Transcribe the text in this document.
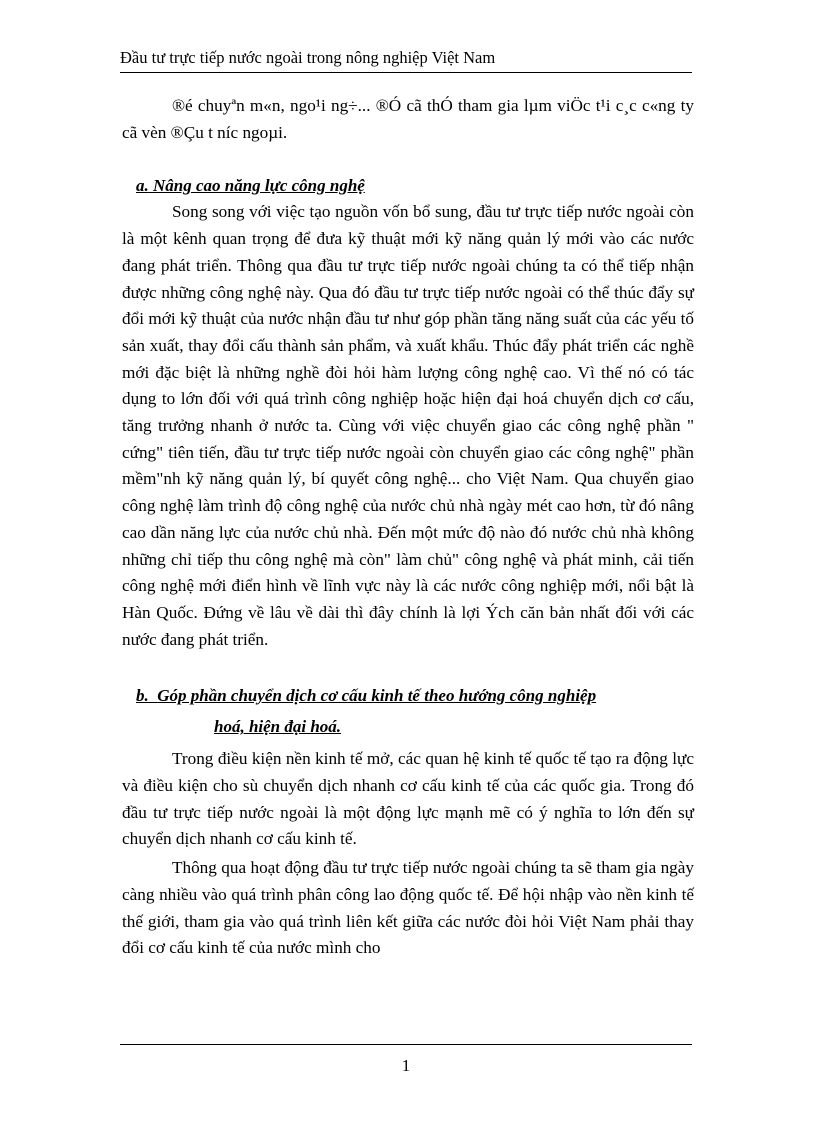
Đầu tư trực tiếp nước ngoài trong nông nghiệp Việt Nam

®é chuyªn m«n, ngo¹i ng÷... ®Ó cã thÓ tham gia lµm viÖc t¹i c¸c c«ng ty cã vèn ®Çu t níc ngoµi.

a. Nâng cao năng lực công nghệ

Song song với việc tạo nguồn vốn bổ sung, đầu tư trực tiếp nước ngoài còn là một kênh quan trọng để đưa kỹ thuật mới kỹ năng quản lý mới vào các nước đang phát triển. Thông qua đầu tư trực tiếp nước ngoài chúng ta có thể tiếp nhận được những công nghệ này. Qua đó đầu tư trực tiếp nước ngoài có thể thúc đẩy sự đổi mới kỹ thuật của nước nhận đầu tư như góp phần tăng năng suất của các yếu tố sản xuất, thay đổi cấu thành sản phẩm, và xuất khẩu. Thúc đẩy phát triển các nghề mới đặc biệt là những nghề đòi hỏi hàm lượng công nghệ cao. Vì thế nó có tác dụng to lớn đối với quá trình công nghiệp hoặc hiện đại hoá chuyển dịch cơ cấu, tăng trưởng nhanh ở nước ta. Cùng với việc chuyển giao các công nghệ phần " cứng" tiên tiến, đầu tư trực tiếp nước ngoài còn chuyển giao các công nghệ" phần mềm"nh kỹ năng quản lý, bí quyết công nghệ... cho Việt Nam. Qua chuyển giao công nghệ làm trình độ công nghệ của nước chủ nhà ngày mét cao hơn, từ đó nâng cao dần năng lực của nước chủ nhà. Đến một mức độ nào đó nước chủ nhà không những chỉ tiếp thu công nghệ mà còn" làm chủ" công nghệ và phát minh, cải tiến công nghệ mới điển hình về lĩnh vực này là các nước công nghiệp mới, nổi bật là Hàn Quốc. Đứng về lâu về dài thì đây chính là lợi Ých căn bản nhất đối với các nước đang phát triển.

b. Góp phần chuyển dịch cơ cấu kinh tế theo hướng công nghiệp
hoá, hiện đại hoá.

Trong điều kiện nền kinh tế mở, các quan hệ kinh tế quốc tế tạo ra động lực và điều kiện cho sù chuyển dịch nhanh cơ cấu kinh tế của các quốc gia. Trong đó đầu tư trực tiếp nước ngoài là một động lực mạnh mẽ có ý nghĩa to lớn đến sự chuyển dịch nhanh cơ cấu kinh tế.

Thông qua hoạt động đầu tư trực tiếp nước ngoài chúng ta sẽ tham gia ngày càng nhiều vào quá trình phân công lao động quốc tế. Để hội nhập vào nền kinh tế thế giới, tham gia vào quá trình liên kết giữa các nước đòi hỏi Việt Nam phải thay đổi cơ cấu kinh tế của nước mình cho

1
